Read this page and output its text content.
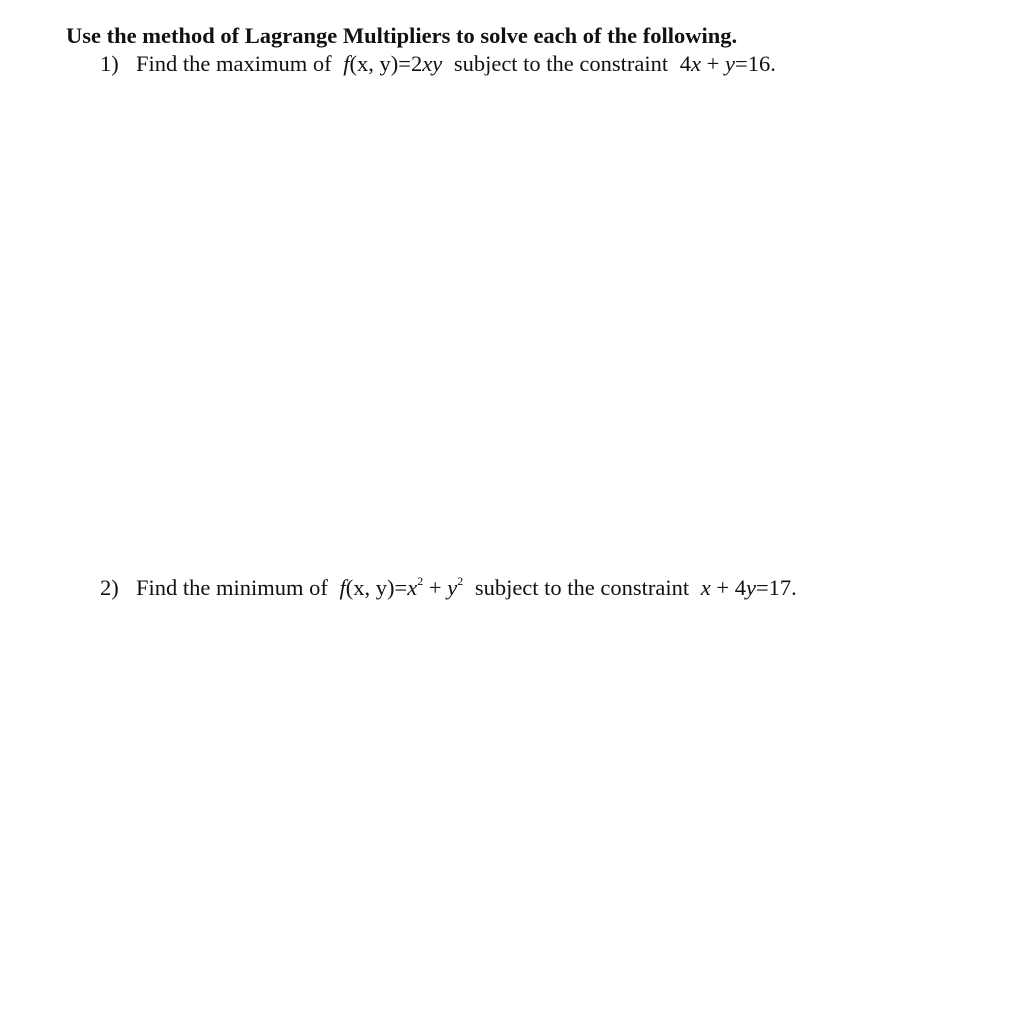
Use the method of Lagrange Multipliers to solve each of the following.
1) Find the maximum of f(x, y)=2xy subject to the constraint 4x + y=16.
2) Find the minimum of f(x, $y)=x^2 + y^2$ subject to the constraint x + 4y=17.
